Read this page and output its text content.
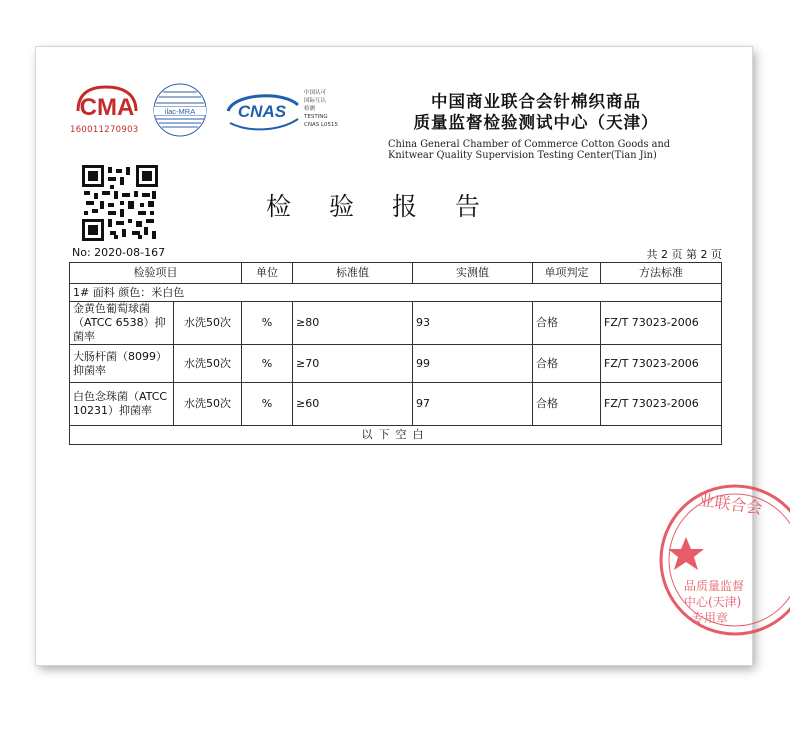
CMA
160011270903
ilac-MRA	CNAS
中国认可
国际互认
检测
TESTING
CNAS L0515
中国商业联合会针棉织商品
质量监督检验测试中心（天津）
China General Chamber of Commerce Cotton Goods and
Knitwear Quality Supervision Testing Center(Tian Jin)
检验报告
No: 2020-08-167	共 2 页 第 2 页
检验项目		单位	标准值	实测值	单项判定	方法标准
1# 面料 颜色：米白色						
金黄色葡萄球菌（ATCC 6538）抑菌率	水洗50次	%	≥80	93	合格	FZ/T 73023-2006
大肠杆菌（8099）抑菌率	水洗50次	%	≥70	99	合格	FZ/T 73023-2006
白色念珠菌（ATCC 10231）抑菌率	水洗50次	%	≥60	97	合格	FZ/T 73023-2006
以下空白						
业联合会
品质量监督
中心(天津)
专用章
